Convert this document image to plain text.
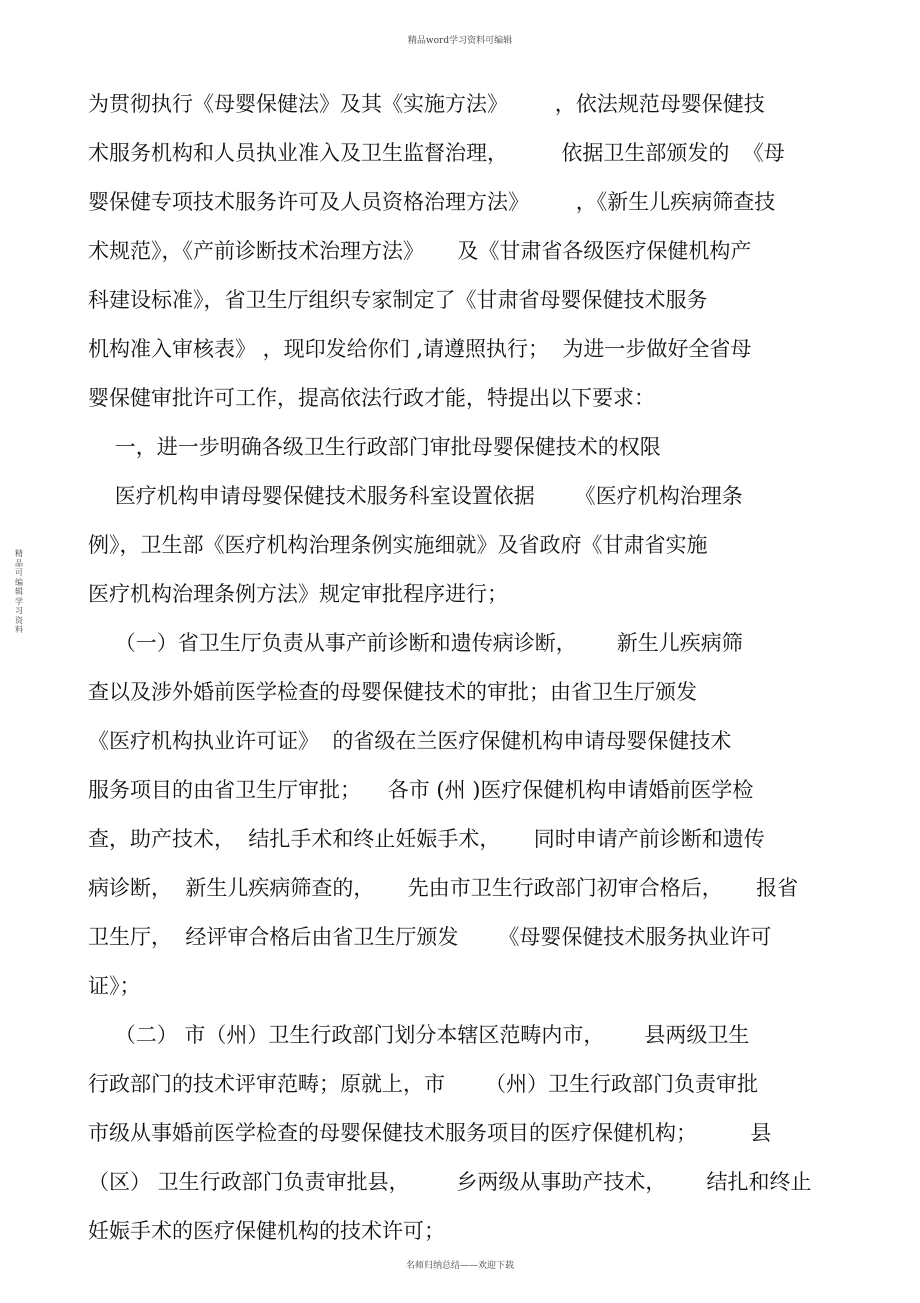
精品word学习资料可编辑
精品可编辑学习资料
为贯彻执行《母婴保健法》及其《实施方法》       ，依法规范母婴保健技
术服务机构和人员执业准入及卫生监督治理，        依据卫生部颁发的  《母
婴保健专项技术服务许可及人员资格治理方法》       ，《新生儿疾病筛查技
术规范》，《产前诊断技术治理方法》     及《甘肃省各级医疗保健机构产
科建设标准》，省卫生厅组织专家制定了《甘肃省母婴保健技术服务
机构准入审核表》 ，现印发给你们 ,请遵照执行；  为进一步做好全省母
婴保健审批许可工作，提高依法行政才能，特提出以下要求：
一，进一步明确各级卫生行政部门审批母婴保健技术的权限
医疗机构申请母婴保健技术服务科室设置依据      《医疗机构治理条
例》，卫生部《医疗机构治理条例实施细就》及省政府《甘肃省实施
医疗机构治理条例方法》规定审批程序进行；
（一）省卫生厅负责从事产前诊断和遗传病诊断，      新生儿疾病筛
查以及涉外婚前医学检查的母婴保健技术的审批；由省卫生厅颁发
《医疗机构执业许可证》  的省级在兰医疗保健机构申请母婴保健技术
服务项目的由省卫生厅审批；    各市 (州 )医疗保健机构申请婚前医学检
查，助产技术，  结扎手术和终止妊娠手术，     同时申请产前诊断和遗传
病诊断，  新生儿疾病筛查的，     先由市卫生行政部门初审合格后，     报省
卫生厅，  经评审合格后由省卫生厅颁发      《母婴保健技术服务执业许可
证》；
（二） 市（州）卫生行政部门划分本辖区范畴内市，      县两级卫生
行政部门的技术评审范畴；原就上，市      （州）卫生行政部门负责审批
市级从事婚前医学检查的母婴保健技术服务项目的医疗保健机构；        县
（区） 卫生行政部门负责审批县，       乡两级从事助产技术，      结扎和终止
妊娠手术的医疗保健机构的技术许可；
名师归纳总结——欢迎下载
